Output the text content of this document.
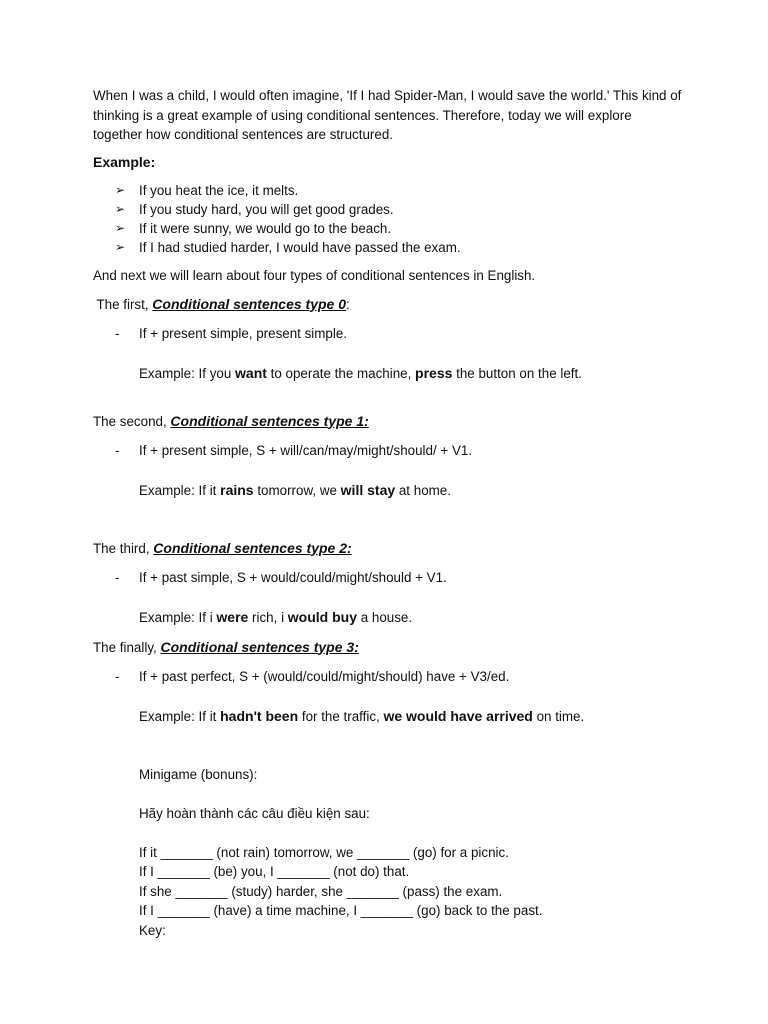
When I was a child, I would often imagine, 'If I had Spider-Man, I would save the world.' This kind of thinking is a great example of using conditional sentences. Therefore, today we will explore together how conditional sentences are structured.

Example:

➢ If you heat the ice, it melts.
➢ If you study hard, you will get good grades.
➢ If it were sunny, we would go to the beach.
➢ If I had studied harder, I would have passed the exam.

And next we will learn about four types of conditional sentences in English.

The first, Conditional sentences type 0:

- If + present simple, present simple.

Example: If you want to operate the machine, press the button on the left.

The second, Conditional sentences type 1:

- If + present simple, S + will/can/may/might/should/ + V1.

Example: If it rains tomorrow, we will stay at home.

The third, Conditional sentences type 2:

- If + past simple, S + would/could/might/should + V1.

Example: If i were rich, i would buy a house.

The finally, Conditional sentences type 3:

- If + past perfect, S + (would/could/might/should) have + V3/ed.

Example: If it hadn't been for the traffic, we would have arrived on time.

Minigame (bonuns):

Hãy hoàn thành các câu điều kiện sau:

If it _______ (not rain) tomorrow, we _______ (go) for a picnic.

If I _______ (be) you, I _______ (not do) that.

If she _______ (study) harder, she _______ (pass) the exam.

If I _______ (have) a time machine, I _______ (go) back to the past.

Key:
